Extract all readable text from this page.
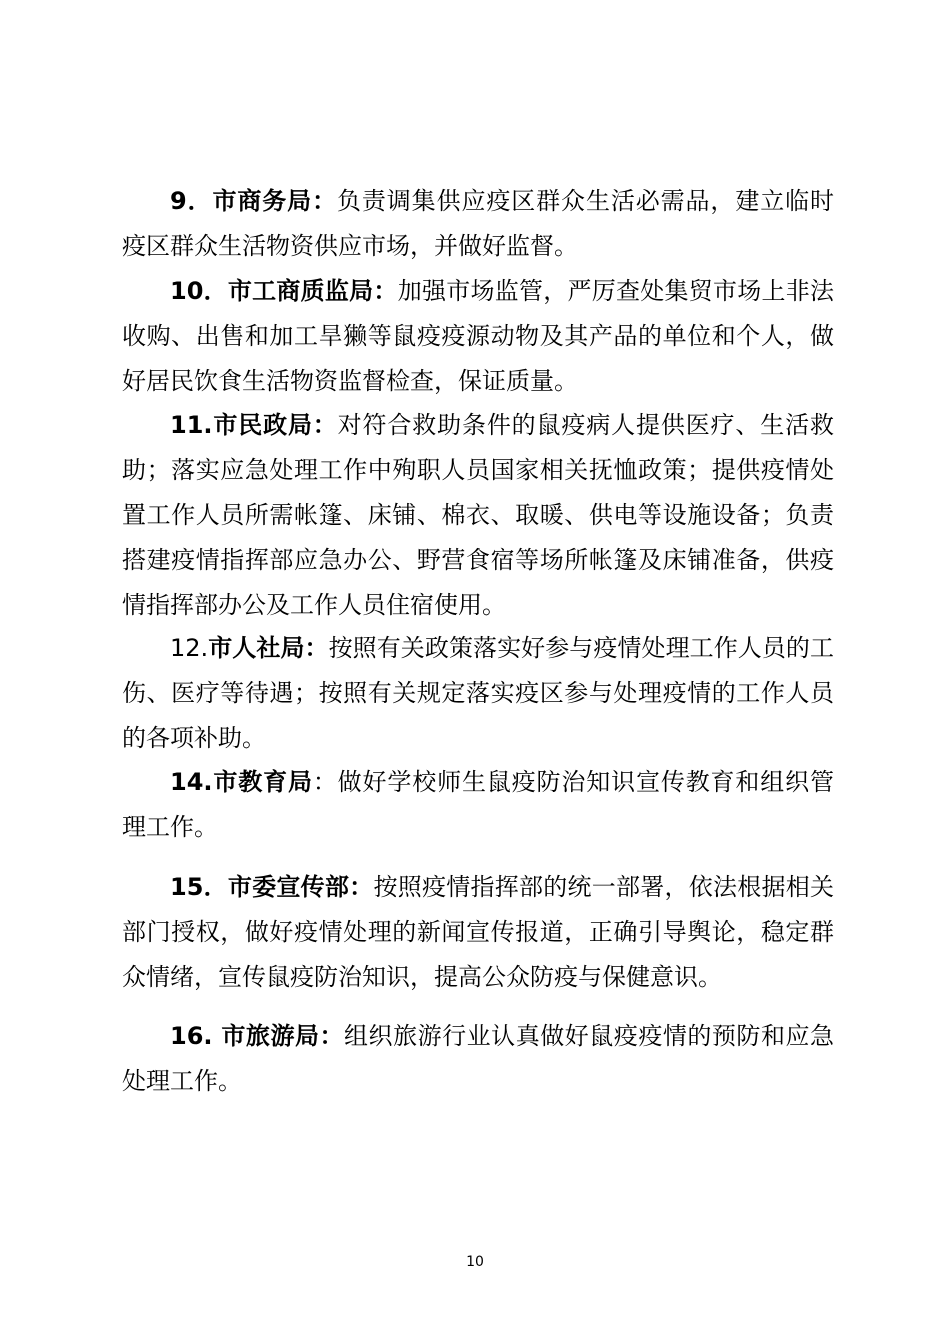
9．市商务局：负责调集供应疫区群众生活必需品，建立临时疫区群众生活物资供应市场，并做好监督。

10．市工商质监局：加强市场监管，严厉查处集贸市场上非法收购、出售和加工旱獭等鼠疫疫源动物及其产品的单位和个人，做好居民饮食生活物资监督检查，保证质量。

11.市民政局：对符合救助条件的鼠疫病人提供医疗、生活救助；落实应急处理工作中殉职人员国家相关抚恤政策；提供疫情处置工作人员所需帐篷、床铺、棉衣、取暖、供电等设施设备；负责搭建疫情指挥部应急办公、野营食宿等场所帐篷及床铺准备，供疫情指挥部办公及工作人员住宿使用。

12.市人社局：按照有关政策落实好参与疫情处理工作人员的工伤、医疗等待遇；按照有关规定落实疫区参与处理疫情的工作人员的各项补助。

14.市教育局：做好学校师生鼠疫防治知识宣传教育和组织管理工作。

15．市委宣传部：按照疫情指挥部的统一部署，依法根据相关部门授权，做好疫情处理的新闻宣传报道，正确引导舆论，稳定群众情绪，宣传鼠疫防治知识，提高公众防疫与保健意识。

16. 市旅游局：组织旅游行业认真做好鼠疫疫情的预防和应急处理工作。

10
